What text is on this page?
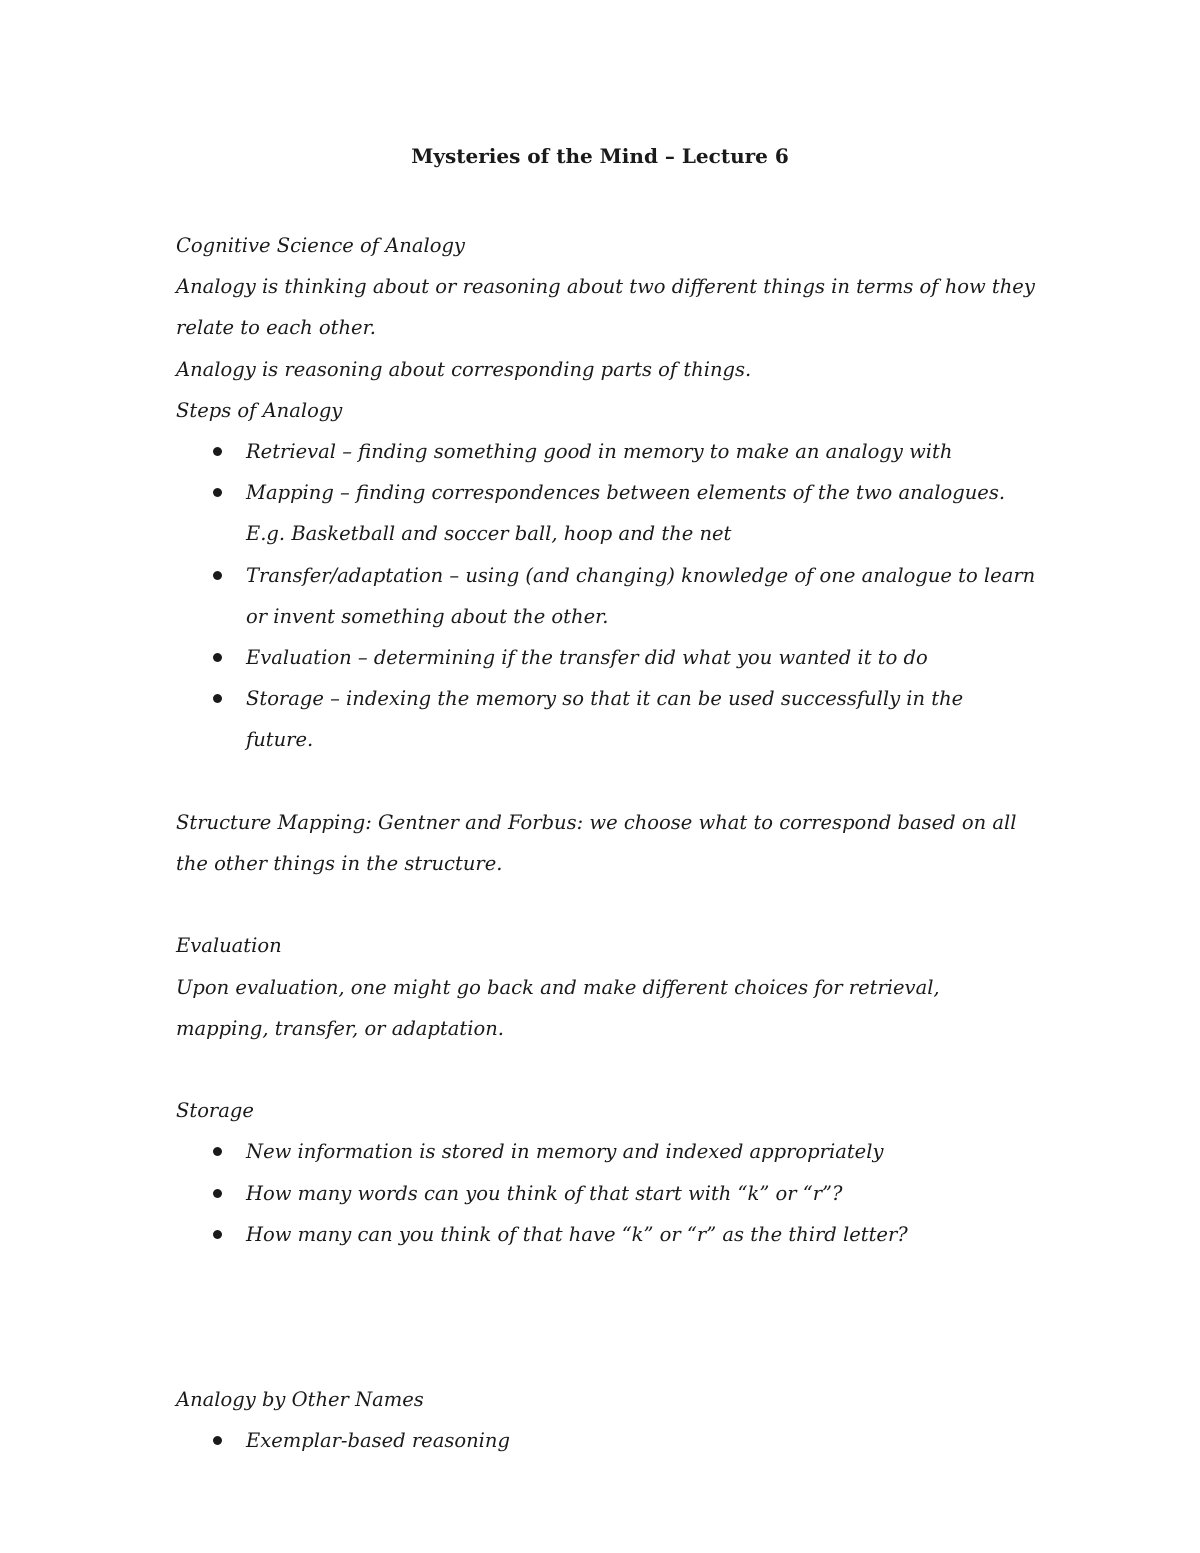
Mysteries of the Mind – Lecture 6

Cognitive Science of Analogy

Analogy is thinking about or reasoning about two different things in terms of how they relate to each other.

Analogy is reasoning about corresponding parts of things.

Steps of Analogy

Retrieval – finding something good in memory to make an analogy with
Mapping – finding correspondences between elements of the two analogues. E.g. Basketball and soccer ball, hoop and the net
Transfer/adaptation – using (and changing) knowledge of one analogue to learn or invent something about the other.
Evaluation – determining if the transfer did what you wanted it to do
Storage – indexing the memory so that it can be used successfully in the future.

Structure Mapping: Gentner and Forbus: we choose what to correspond based on all the other things in the structure.

Evaluation

Upon evaluation, one might go back and make different choices for retrieval, mapping, transfer, or adaptation.

Storage

New information is stored in memory and indexed appropriately
How many words can you think of that start with “k” or “r”?
How many can you think of that have “k” or “r” as the third letter?

Analogy by Other Names

Exemplar-based reasoning
